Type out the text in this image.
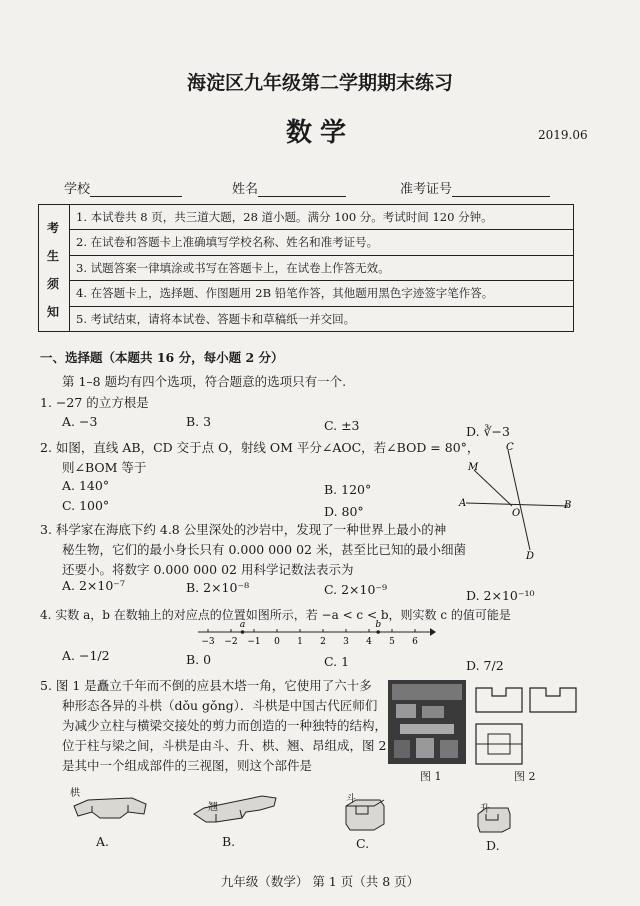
海淀区九年级第二学期期末练习
数学	2019.06
学校	姓名	准考证号
考
生
须
知
1. 本试卷共 8 页，共三道大题，28 道小题。满分 100 分。考试时间 120 分钟。
2. 在试卷和答题卡上准确填写学校名称、姓名和准考证号。
3. 试题答案一律填涂或书写在答题卡上，在试卷上作答无效。
4. 在答题卡上，选择题、作图题用 2B 铅笔作答，其他题用黑色字迹签字笔作答。
5. 考试结束，请将本试卷、答题卡和草稿纸一并交回。
一、选择题（本题共 16 分，每小题 2 分）
第 1–8 题均有四个选项，符合题意的选项只有一个.
1. −27 的立方根是
A. −3	B. 3	C. ±3	D. ∛−3
2. 如图，直线 AB，CD 交于点 O，射线 OM 平分∠AOC，若∠BOD = 80°，
则∠BOM 等于
A. 140°	B. 120°
C. 100°	D. 80°
M
C
A
O
B
D
3. 科学家在海底下约 4.8 公里深处的沙岩中，发现了一种世界上最小的神
秘生物，它们的最小身长只有 0.000 000 02 米，甚至比已知的最小细菌
还要小。将数字 0.000 000 02 用科学记数法表示为
A. 2×10⁻⁷	B. 2×10⁻⁸	C. 2×10⁻⁹	D. 2×10⁻¹⁰
4. 实数 a，b 在数轴上的对应点的位置如图所示，若 −a < c < b，则实数 c 的值可能是
−3 −2 −1 0 1 2 3 4 5 6
a	b
A. −1/2	B. 0	C. 1	D. 7/2
5. 图 1 是矗立千年而不倒的应县木塔一角，它使用了六十多
种形态各异的斗栱（dǒu gǒng）．斗栱是中国古代匠师们
为减少立柱与横梁交接处的剪力而创造的一种独特的结构，
位于柱与梁之间，斗栱是由斗、升、栱、翘、昂组成，图 2
是其中一个组成部件的三视图，则这个部件是
图 1	图 2
栱
A.
翘
B.
斗
C.
升
D.
九年级（数学） 第 1 页（共 8 页）
